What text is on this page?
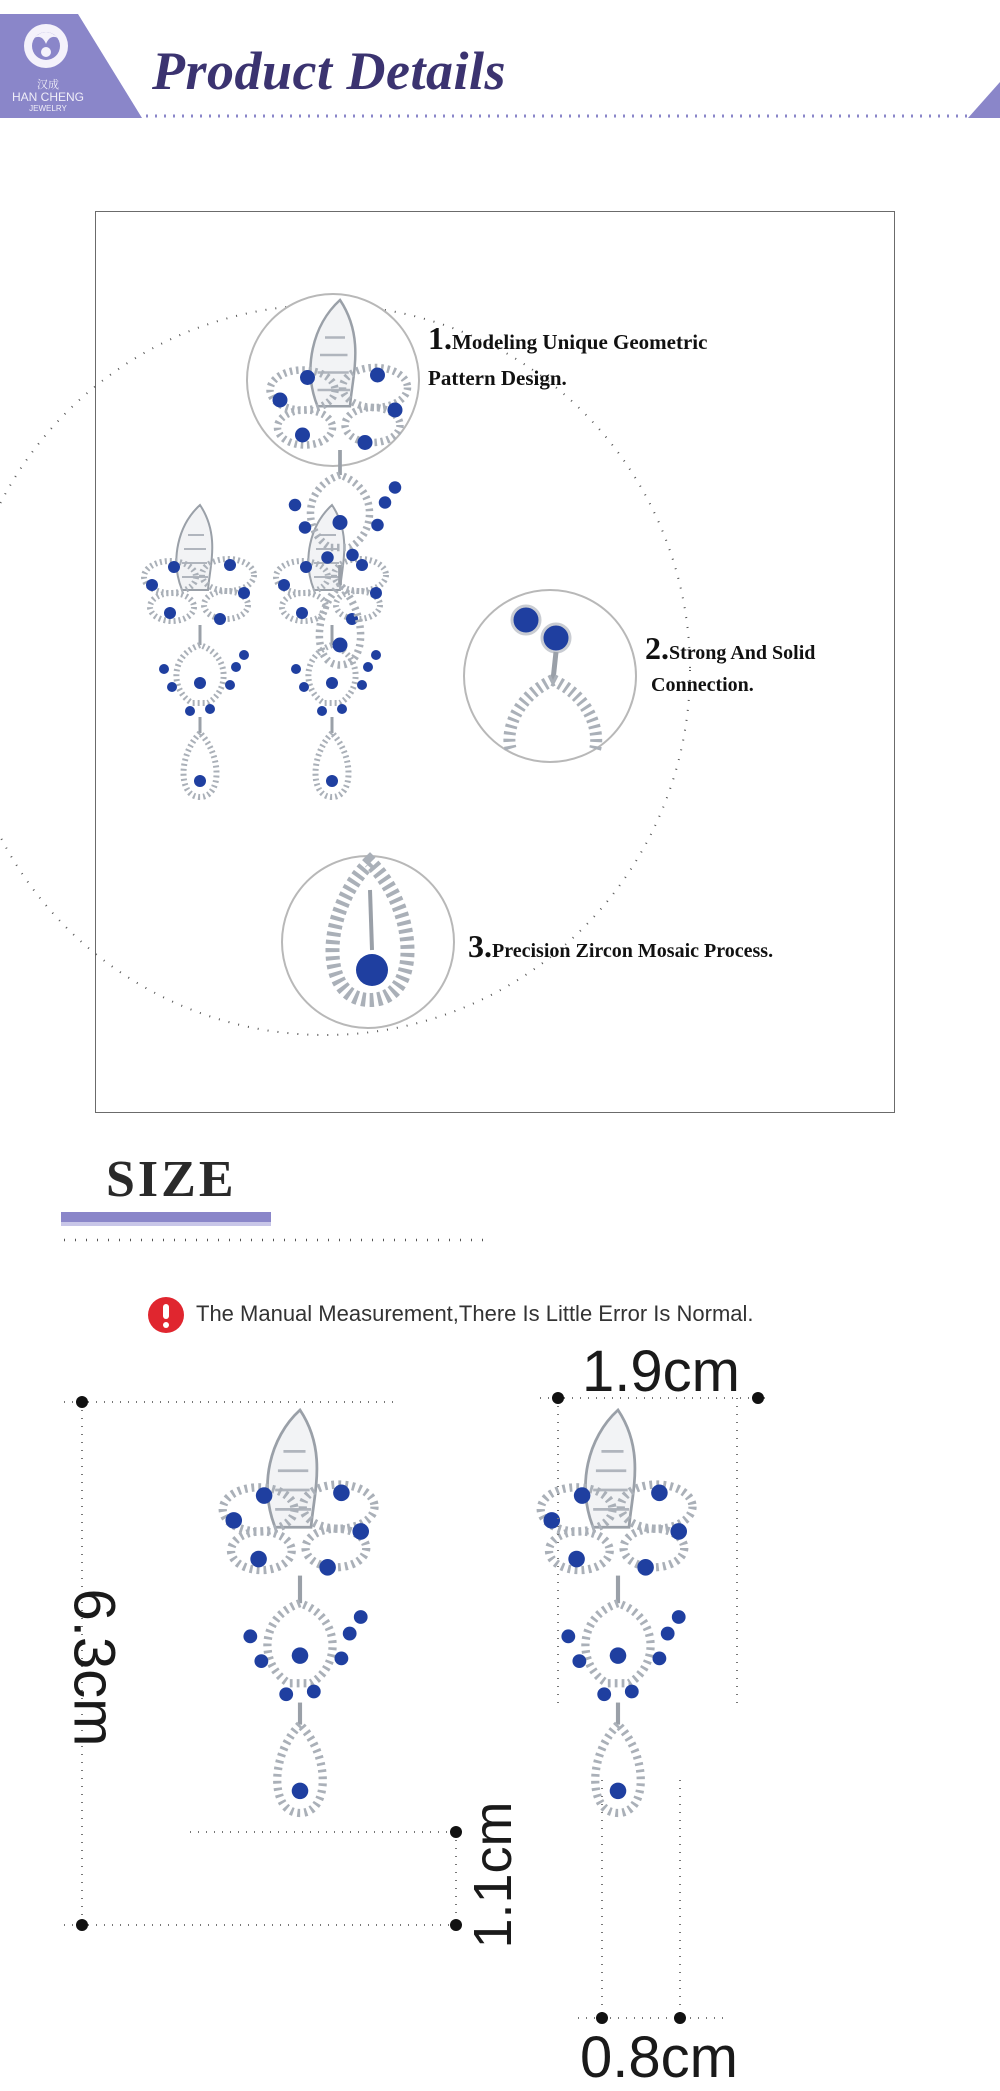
汉成
HAN CHENG
JEWELRY
Product Details
1.Modeling Unique Geometric
Pattern Design.
2.Strong And Solid
Connection.
3.Precision Zircon Mosaic Process.
SIZE
The Manual Measurement,There Is Little Error Is Normal.
6.3cm
1.1cm
1.9cm
0.8cm
